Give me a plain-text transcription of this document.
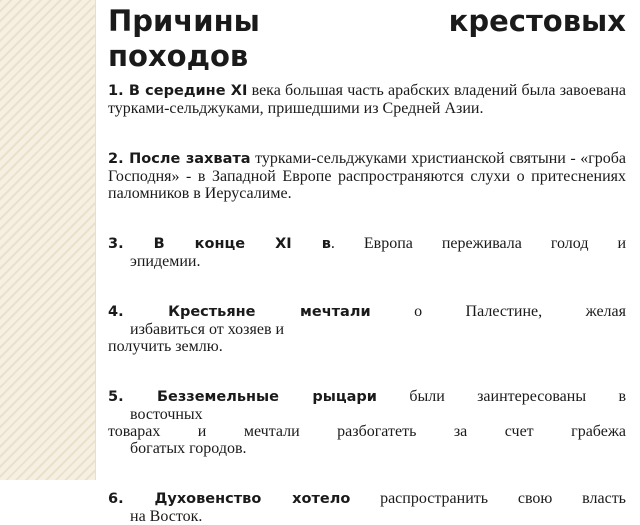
Причины	крестовых
походов
1. В середине XI века большая часть арабских владений была завоевана турками-сельджуками, пришедшими из Средней Азии.
2. После захвата турками-сельджуками христианской святыни - «гроба Господня» - в Западной Европе распространяются слухи о притеснениях паломников в Иерусалиме.
3. В конце XI в. Европа переживала голод и
эпидемии.
4. Крестьяне мечтали о Палестине, желая
избавиться от хозяев и
получить землю.
5. Безземельные рыцари были заинтересованы в
восточных
товарах и мечтали разбогатеть за счет грабежа
богатых городов.
6. Духовенство хотело распространить свою власть
на Восток.
